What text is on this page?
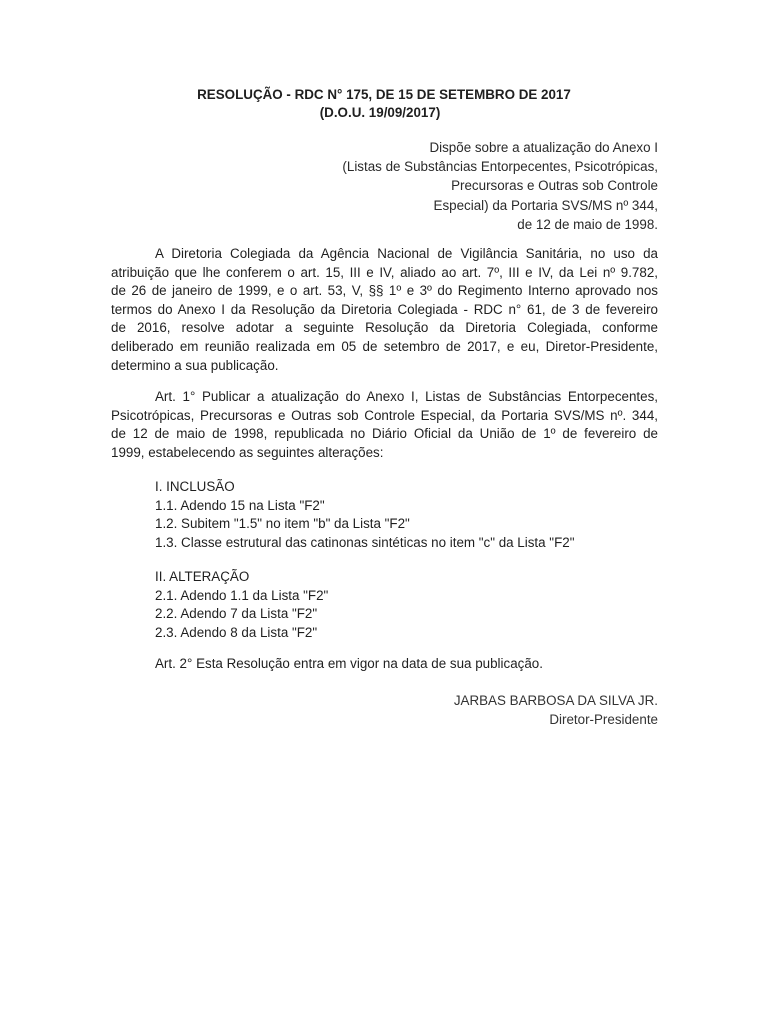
RESOLUÇÃO - RDC N° 175, DE 15 DE SETEMBRO DE 2017
(D.O.U. 19/09/2017)
Dispõe sobre a atualização do Anexo I
(Listas de Substâncias Entorpecentes, Psicotrópicas,
Precursoras e Outras sob Controle
Especial) da Portaria SVS/MS nº 344,
de 12 de maio de 1998.
A Diretoria Colegiada da Agência Nacional de Vigilância Sanitária, no uso da
atribuição que lhe conferem o art. 15, III e IV, aliado ao art. 7º, III e IV, da Lei nº 9.782,
de 26 de janeiro de 1999, e o art. 53, V, §§ 1º e 3º do Regimento Interno aprovado nos
termos do Anexo I da Resolução da Diretoria Colegiada - RDC n° 61, de 3 de fevereiro
de 2016, resolve adotar a seguinte Resolução da Diretoria Colegiada, conforme
deliberado em reunião realizada em 05 de setembro de 2017, e eu, Diretor-Presidente,
determino a sua publicação.
Art. 1° Publicar a atualização do Anexo I, Listas de Substâncias Entorpecentes,
Psicotrópicas, Precursoras e Outras sob Controle Especial, da Portaria SVS/MS nº. 344,
de 12 de maio de 1998, republicada no Diário Oficial da União de 1º de fevereiro de
1999, estabelecendo as seguintes alterações:
I. INCLUSÃO
1.1. Adendo 15 na Lista "F2"
1.2. Subitem "1.5" no item "b" da Lista "F2"
1.3. Classe estrutural das catinonas sintéticas no item "c" da Lista "F2"
II. ALTERAÇÃO
2.1. Adendo 1.1 da Lista "F2"
2.2. Adendo 7 da Lista "F2"
2.3. Adendo 8 da Lista "F2"
Art. 2° Esta Resolução entra em vigor na data de sua publicação.
JARBAS BARBOSA DA SILVA JR.
Diretor-Presidente
